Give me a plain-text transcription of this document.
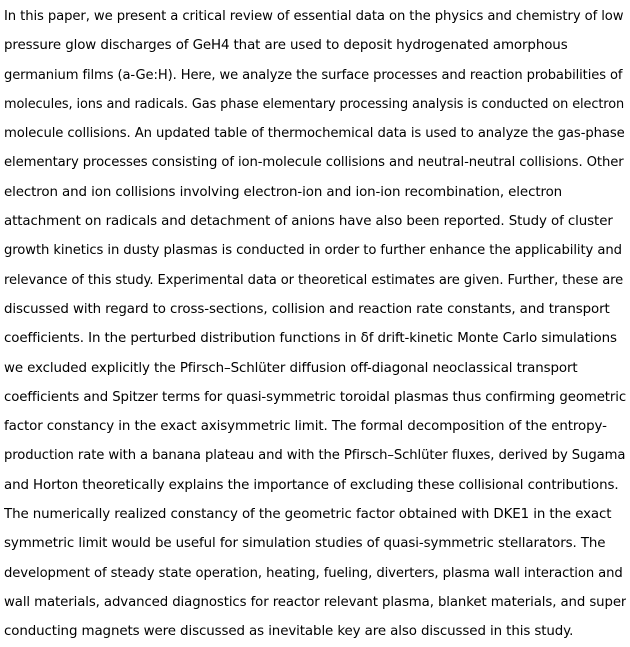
In this paper, we present a critical review of essential data on the physics and chemistry of low
pressure glow discharges of GeH4 that are used to deposit hydrogenated amorphous
germanium films (a-Ge:H). Here, we analyze the surface processes and reaction probabilities of
molecules, ions and radicals. Gas phase elementary processing analysis is conducted on electron
molecule collisions. An updated table of thermochemical data is used to analyze the gas-phase
elementary processes consisting of ion-molecule collisions and neutral-neutral collisions. Other
electron and ion collisions involving electron-ion and ion-ion recombination, electron
attachment on radicals and detachment of anions have also been reported. Study of cluster
growth kinetics in dusty plasmas is conducted in order to further enhance the applicability and
relevance of this study. Experimental data or theoretical estimates are given. Further, these are
discussed with regard to cross-sections, collision and reaction rate constants, and transport
coefficients. In the perturbed distribution functions in δf drift-kinetic Monte Carlo simulations
we excluded explicitly the Pfirsch–Schlüter diffusion off-diagonal neoclassical transport
coefficients and Spitzer terms for quasi-symmetric toroidal plasmas thus confirming geometric
factor constancy in the exact axisymmetric limit. The formal decomposition of the entropy-
production rate with a banana plateau and with the Pfirsch–Schlüter fluxes, derived by Sugama
and Horton theoretically explains the importance of excluding these collisional contributions.
The numerically realized constancy of the geometric factor obtained with DKE1 in the exact
symmetric limit would be useful for simulation studies of quasi-symmetric stellarators. The
development of steady state operation, heating, fueling, diverters, plasma wall interaction and
wall materials, advanced diagnostics for reactor relevant plasma, blanket materials, and super
conducting magnets were discussed as inevitable key are also discussed in this study.
